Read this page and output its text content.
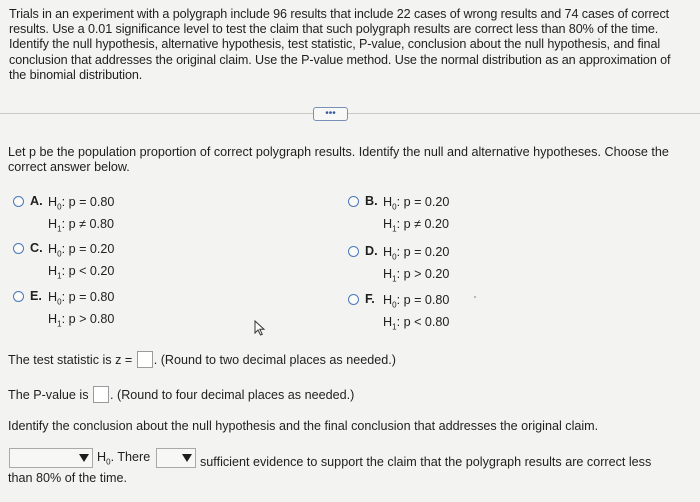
Trials in an experiment with a polygraph include 96 results that include 22 cases of wrong results and 74 cases of correct results. Use a 0.01 significance level to test the claim that such polygraph results are correct less than 80% of the time. Identify the null hypothesis, alternative hypothesis, test statistic, P-value, conclusion about the null hypothesis, and final conclusion that addresses the original claim. Use the P-value method. Use the normal distribution as an approximation of the binomial distribution.
•••
Let p be the population proportion of correct polygraph results. Identify the null and alternative hypotheses. Choose the correct answer below.
A. $H_0$: p = 0.80
$H_1$: p ≠ 0.80
B. $H_0$: p = 0.20
$H_1$: p ≠ 0.20
C. $H_0$: p = 0.20
$H_1$: p < 0.20
D. $H_0$: p = 0.20
$H_1$: p > 0.20
E. $H_0$: p = 0.80
$H_1$: p > 0.80
F. $H_0$: p = 0.80
$H_1$: p < 0.80
The test statistic is z = . (Round to two decimal places as needed.)
The P-value is . (Round to four decimal places as needed.)
Identify the conclusion about the null hypothesis and the final conclusion that addresses the original claim.
$H_0$. There	sufficient evidence to support the claim that the polygraph results are correct less
than 80% of the time.
